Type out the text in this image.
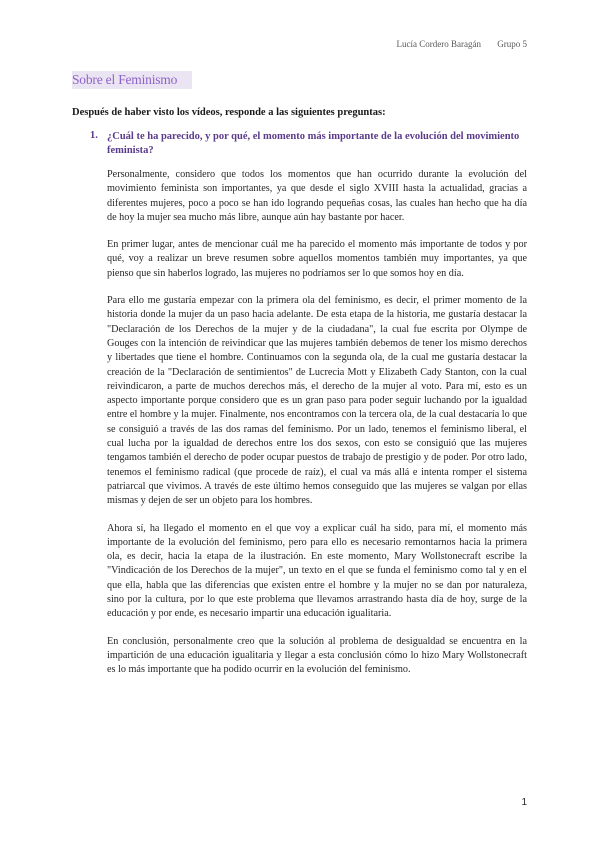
Lucía Cordero Baragán Grupo 5
Sobre el Feminismo
Después de haber visto los vídeos, responde a las siguientes preguntas:
1. ¿Cuál te ha parecido, y por qué, el momento más importante de la evolución del movimiento feminista?

Personalmente, considero que todos los momentos que han ocurrido durante la evolución del movimiento feminista son importantes, ya que desde el siglo XVIII hasta la actualidad, gracias a diferentes mujeres, poco a poco se han ido logrando pequeñas cosas, las cuales han hecho que ha día de hoy la mujer sea mucho más libre, aunque aún hay bastante por hacer.

En primer lugar, antes de mencionar cuál me ha parecido el momento más importante de todos y por qué, voy a realizar un breve resumen sobre aquellos momentos también muy importantes, ya que pienso que sin haberlos logrado, las mujeres no podríamos ser lo que somos hoy en día.

Para ello me gustaría empezar con la primera ola del feminismo, es decir, el primer momento de la historia donde la mujer da un paso hacia adelante. De esta etapa de la historia, me gustaría destacar la "Declaración de los Derechos de la mujer y de la ciudadana", la cual fue escrita por Olympe de Gouges con la intención de reivindicar que las mujeres también debemos de tener los mismo derechos y libertades que tiene el hombre. Continuamos con la segunda ola, de la cual me gustaría destacar la creación de la "Declaración de sentimientos" de Lucrecia Mott y Elizabeth Cady Stanton, con la cual reivindicaron, a parte de muchos derechos más, el derecho de la mujer al voto. Para mí, esto es un aspecto importante porque considero que es un gran paso para poder seguir luchando por la igualdad entre el hombre y la mujer. Finalmente, nos encontramos con la tercera ola, de la cual destacaría lo que se consiguió a través de las dos ramas del feminismo. Por un lado, tenemos el feminismo liberal, el cual lucha por la igualdad de derechos entre los dos sexos, con esto se consiguió que las mujeres tengamos también el derecho de poder ocupar puestos de trabajo de prestigio y de poder. Por otro lado, tenemos el feminismo radical (que procede de raíz), el cual va más allá e intenta romper el sistema patriarcal que vivimos. A través de este último hemos conseguido que las mujeres se valgan por ellas mismas y dejen de ser un objeto para los hombres.

Ahora sí, ha llegado el momento en el que voy a explicar cuál ha sido, para mí, el momento más importante de la evolución del feminismo, pero para ello es necesario remontarnos hacia la primera ola, es decir, hacia la etapa de la ilustración. En este momento, Mary Wollstonecraft escribe la "Vindicación de los Derechos de la mujer", un texto en el que se funda el feminismo como tal y en el que ella, habla que las diferencias que existen entre el hombre y la mujer no se dan por naturaleza, sino por la cultura, por lo que este problema que llevamos arrastrando hasta día de hoy, surge de la educación y por ende, es necesario impartir una educación igualitaria.

En conclusión, personalmente creo que la solución al problema de desigualdad se encuentra en la impartición de una educación igualitaria y llegar a esta conclusión cómo lo hizo Mary Wollstonecraft es lo más importante que ha podido ocurrir en la evolución del feminismo.

1
